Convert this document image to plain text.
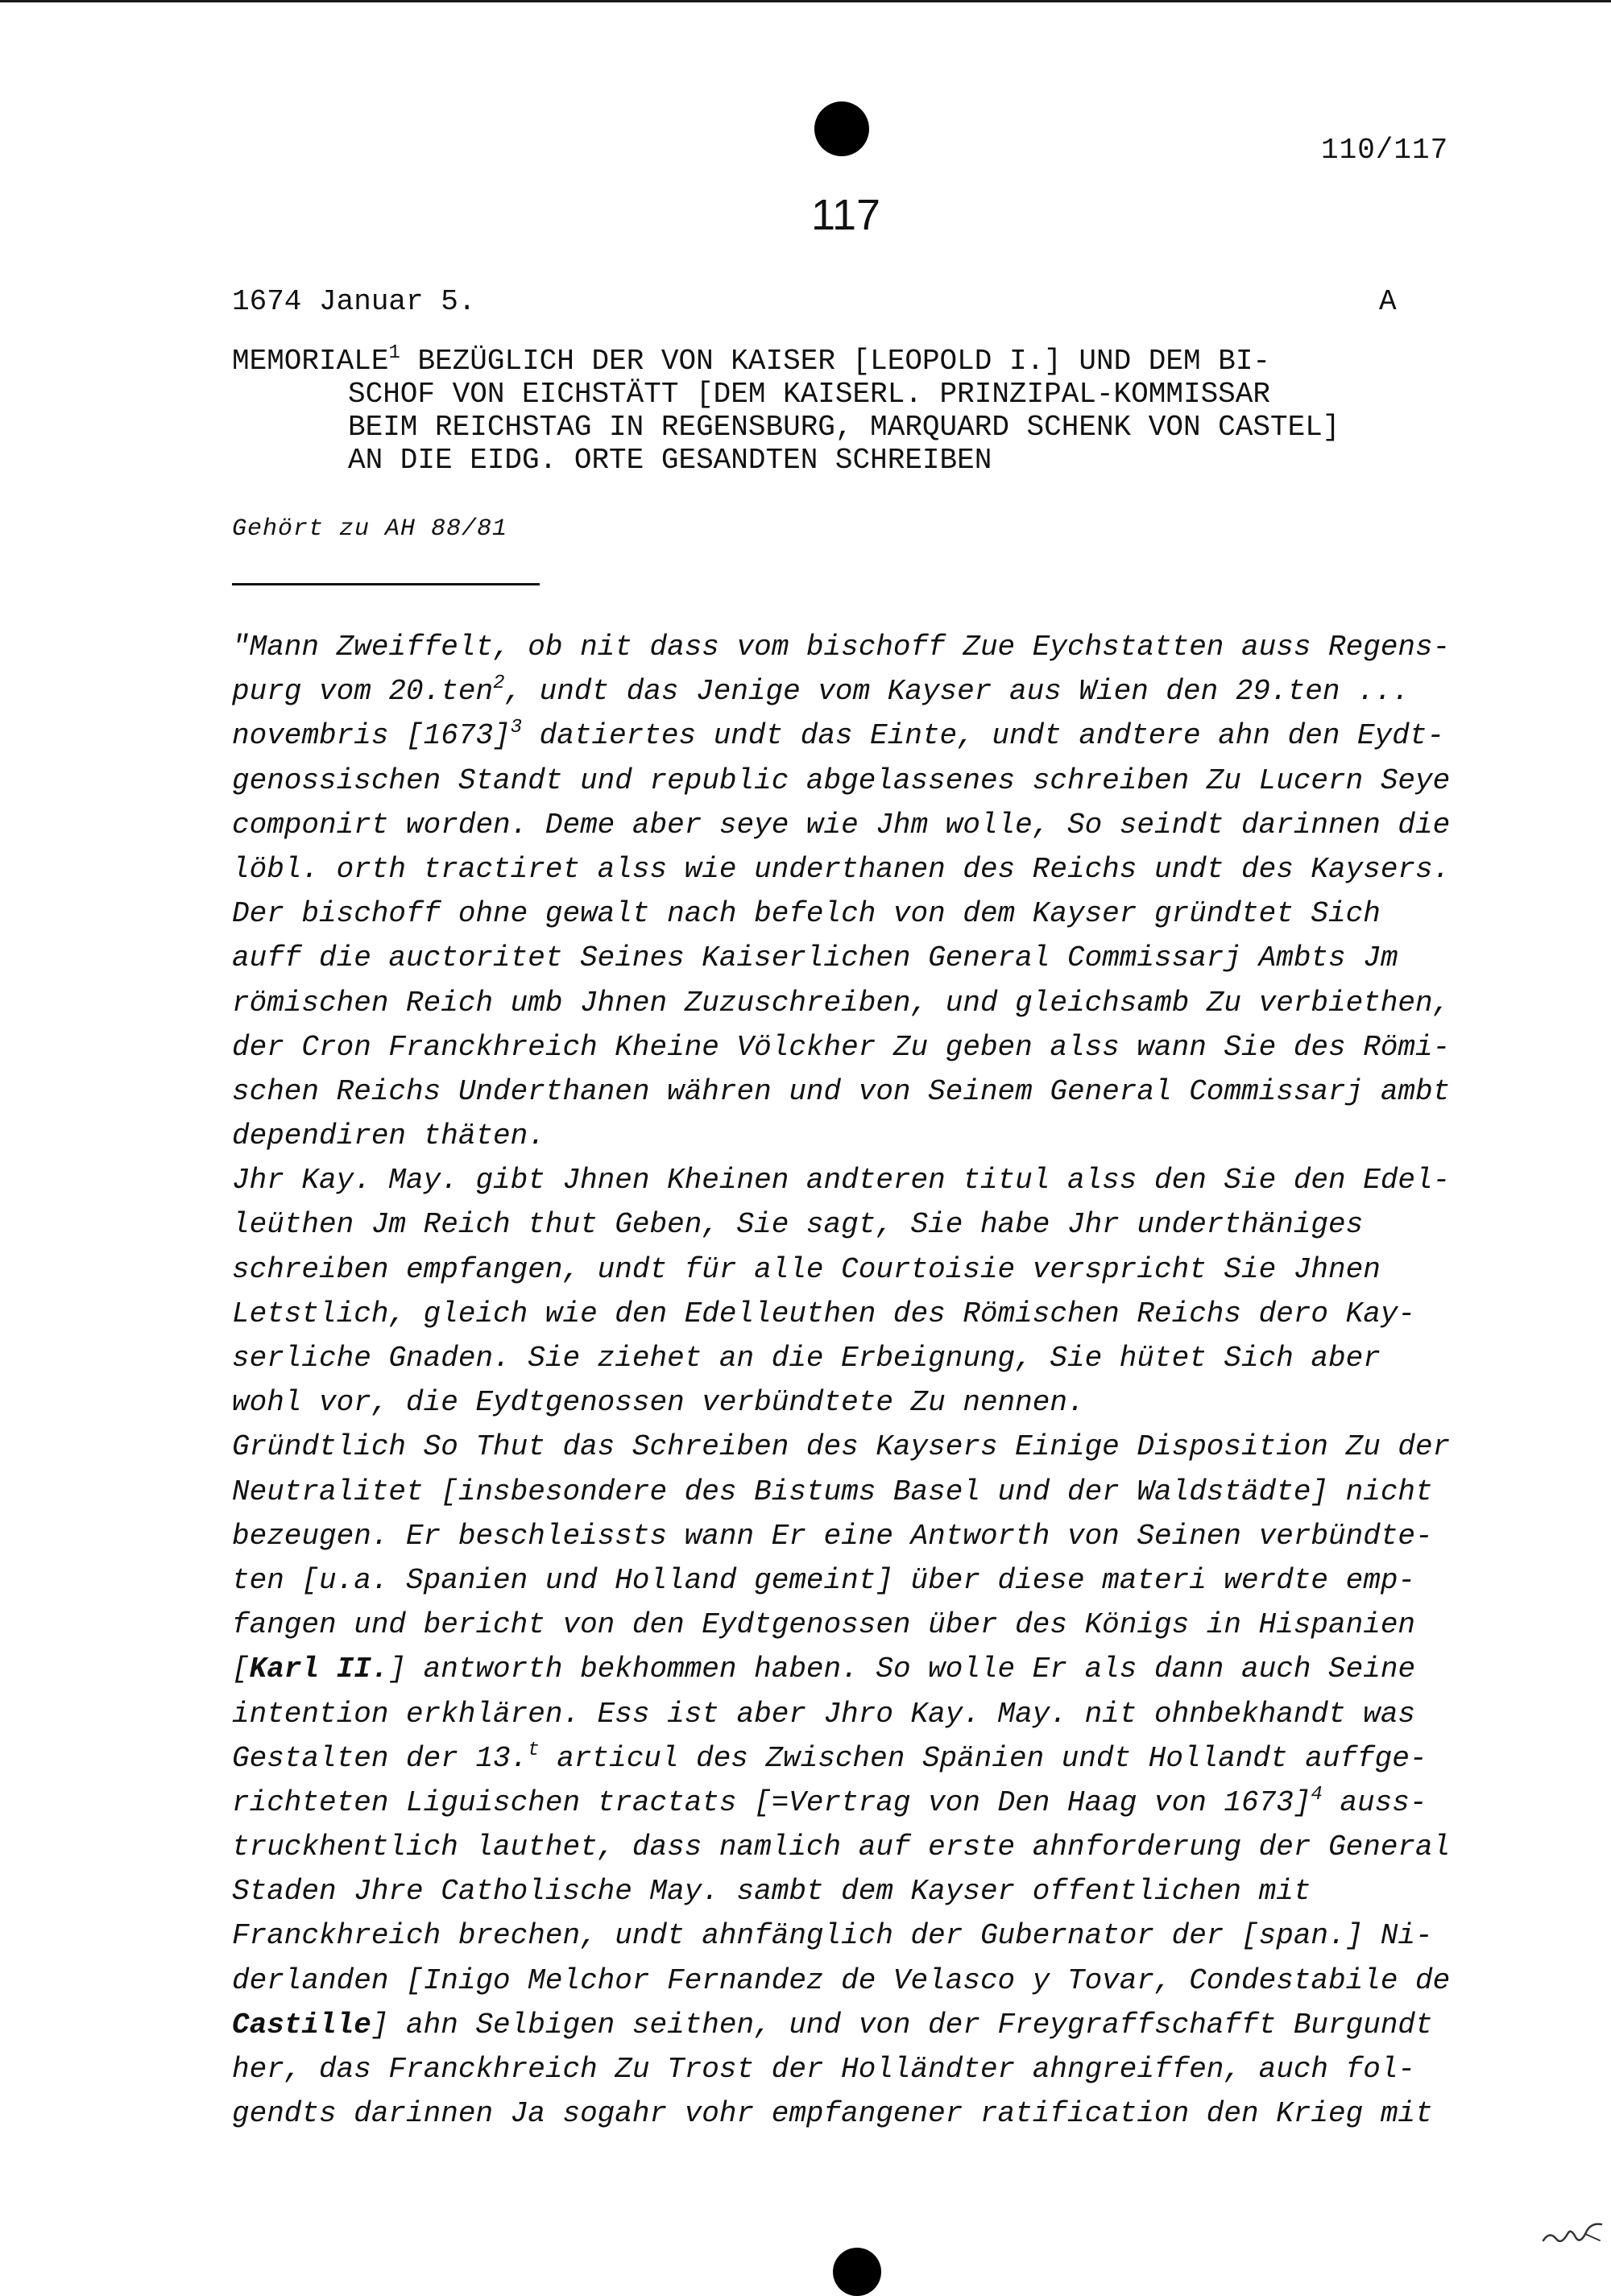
110/117
117
1674 Januar 5.	A
MEMORIALE$^1$ BEZÜGLICH DER VON KAISER [LEOPOLD I.] UND DEM BI-
SCHOF VON EICHSTÄTT [DEM KAISERL. PRINZIPAL-KOMMISSAR
BEIM REICHSTAG IN REGENSBURG, MARQUARD SCHENK VON CASTEL]
AN DIE EIDG. ORTE GESANDTEN SCHREIBEN
Gehört zu AH 88/81
"Mann Zweiffelt, ob nit dass vom bischoff Zue Eychstatten auss Regens-
purg vom 20.ten$^2$, undt das Jenige vom Kayser aus Wien den 29.ten ...
novembris $[1673]^3$ datiertes undt das Einte, undt andtere ahn den Eydt-
genossischen Standt und republic abgelassenes schreiben Zu Lucern Seye
componirt worden. Deme aber seye wie Jhm wolle, So seindt darinnen die
löbl. orth tractiret alss wie underthanen des Reichs undt des Kaysers.
Der bischoff ohne gewalt nach befelch von dem Kayser gründtet Sich
auff die auctoritet Seines Kaiserlichen General Commissarj Ambts Jm
römischen Reich umb Jhnen Zuzuschreiben, und gleichsamb Zu verbiethen,
der Cron Franckhreich Kheine Völckher Zu geben alss wann Sie des Römi-
schen Reichs Underthanen währen und von Seinem General Commissarj ambt
dependiren thäten.
Jhr Kay. May. gibt Jhnen Kheinen andteren titul alss den Sie den Edel-
leüthen Jm Reich thut Geben, Sie sagt, Sie habe Jhr underthäniges
schreiben empfangen, undt für alle Courtoisie verspricht Sie Jhnen
Letstlich, gleich wie den Edelleuthen des Römischen Reichs dero Kay-
serliche Gnaden. Sie ziehet an die Erbeignung, Sie hütet Sich aber
wohl vor, die Eydtgenossen verbündtete Zu nennen.
Gründtlich So Thut das Schreiben des Kaysers Einige Disposition Zu der
Neutralitet [insbesondere des Bistums Basel und der Waldstädte] nicht
bezeugen. Er beschleissts wann Er eine Antworth von Seinen verbündte-
ten [u.a. Spanien und Holland gemeint] über diese materi werdte emp-
fangen und bericht von den Eydtgenossen über des Königs in Hispanien
[Karl II.] antworth bekhommen haben. So wolle Er als dann auch Seine
intention erkhlären. Ess ist aber Jhro Kay. May. nit ohnbekhandt was
Gestalten der 13.$^t$ articul des Zwischen Spänien undt Hollandt auffge-
richteten Liguischen tractats [=Vertrag von Den Haag von 1673]$^4$ auss-
truckhentlich lauthet, dass namlich auf erste ahnforderung der General
Staden Jhre Catholische May. sambt dem Kayser offentlichen mit
Franckhreich brechen, undt ahnfänglich der Gubernator der [span.] Ni-
derlanden [Inigo Melchor Fernandez de Velasco y Tovar, Condestabile de
Castille] ahn Selbigen seithen, und von der Freygraffschafft Burgundt
her, das Franckhreich Zu Trost der Holländter ahngreiffen, auch fol-
gendts darinnen Ja sogahr vohr empfangener ratification den Krieg mit
